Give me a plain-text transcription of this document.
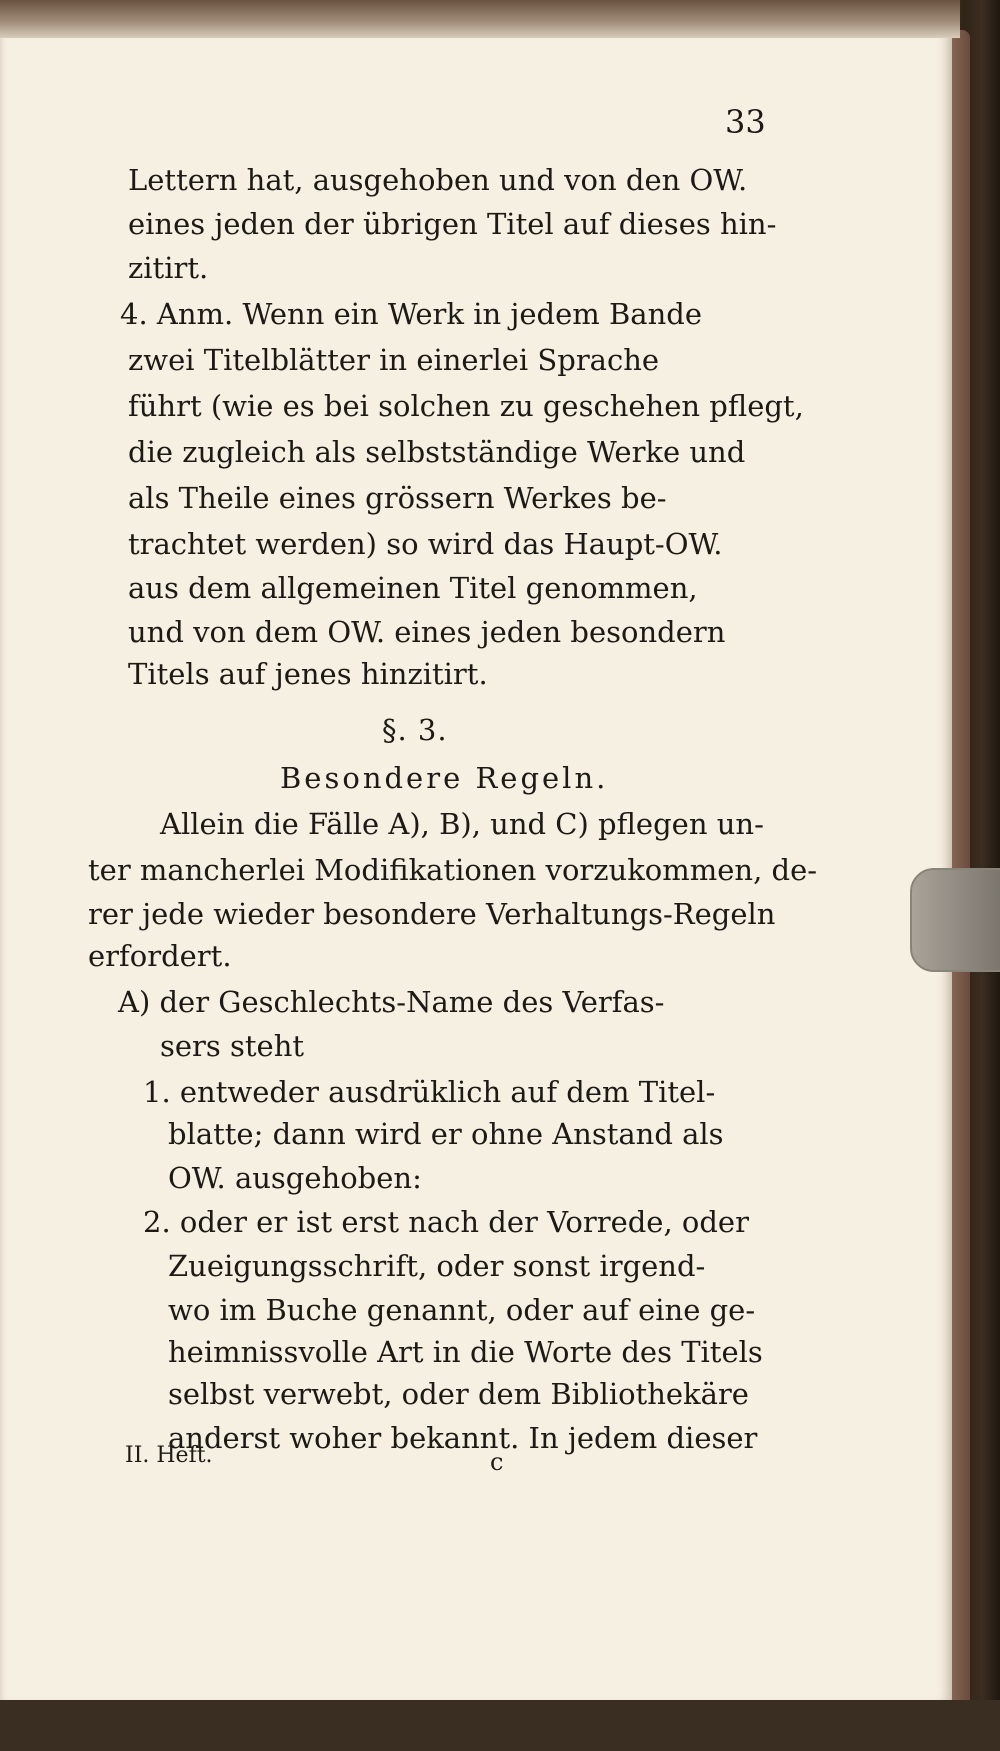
33
Lettern hat, ausgehoben und von den OW.
eines jeden der übrigen Titel auf dieses hin-
zitirt.
4. Anm. Wenn ein Werk in jedem Bande
zwei Titelblätter in einerlei Sprache
führt (wie es bei solchen zu geschehen pflegt,
die zugleich als selbstständige Werke und
als Theile eines grössern Werkes be-
trachtet werden) so wird das Haupt-OW.
aus dem allgemeinen Titel genommen,
und von dem OW. eines jeden besondern
Titels auf jenes hinzitirt.
§. 3.
Besondere Regeln.
Allein die Fälle A), B), und C) pflegen un-
ter mancherlei Modifikationen vorzukommen, de-
rer jede wieder besondere Verhaltungs-Regeln
erfordert.
A) der Geschlechts-Name des Verfas-
sers steht
1. entweder ausdrüklich auf dem Titel-
blatte; dann wird er ohne Anstand als
OW. ausgehoben:
2. oder er ist erst nach der Vorrede, oder
Zueigungsschrift, oder sonst irgend-
wo im Buche genannt, oder auf eine ge-
heimnissvolle Art in die Worte des Titels
selbst verwebt, oder dem Bibliothekäre
anderst woher bekannt. In jedem dieser
II. Heft.	c
